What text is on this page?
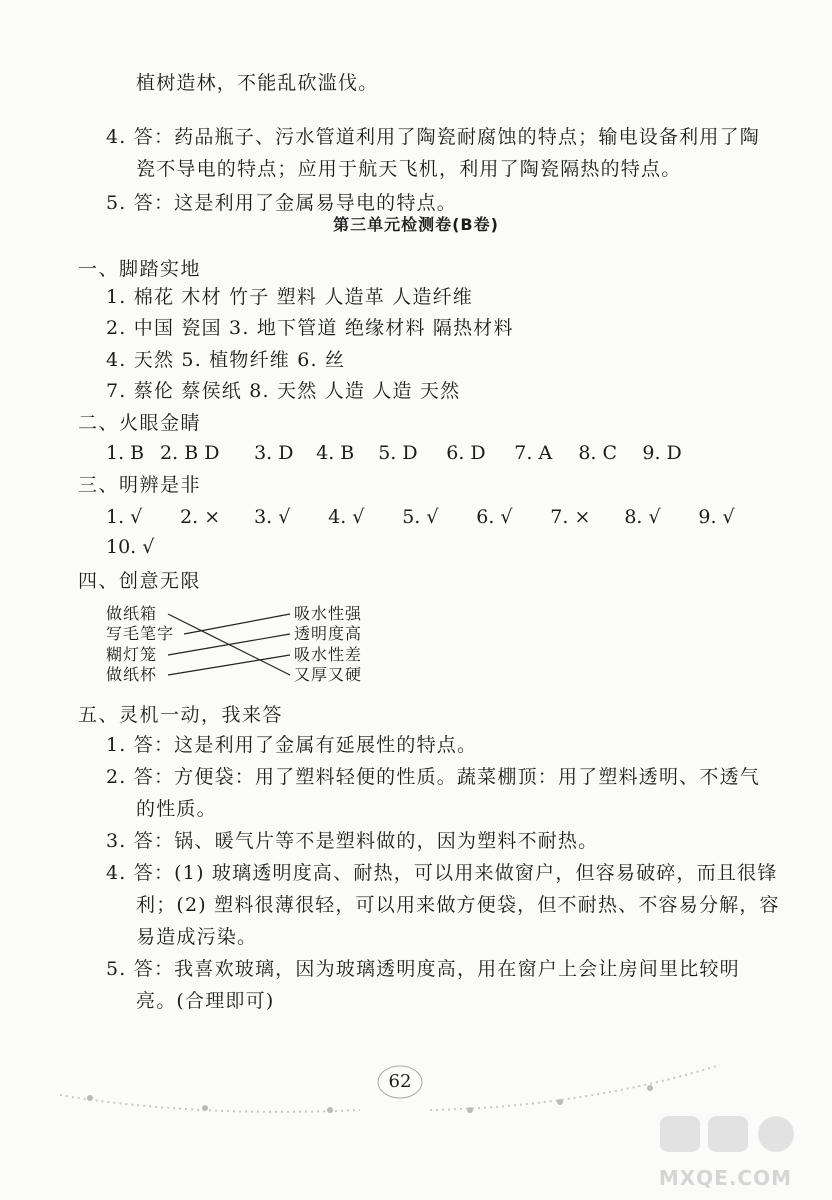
植树造林，不能乱砍滥伐。
4. 答：药品瓶子、污水管道利用了陶瓷耐腐蚀的特点；输电设备利用了陶
瓷不导电的特点；应用于航天飞机，利用了陶瓷隔热的特点。
5. 答：这是利用了金属易导电的特点。
第三单元检测卷(B卷)
一、脚踏实地
1. 棉花 木材 竹子 塑料 人造革 人造纤维
2. 中国 瓷国 3. 地下管道 绝缘材料 隔热材料
4. 天然 5. 植物纤维 6. 丝
7. 蔡伦 蔡侯纸 8. 天然 人造 人造 天然
二、火眼金睛
1. B 2. B D 3. D 4. B 5. D 6. D 7. A 8. C 9. D
三、明辨是非
1. √ 2. × 3. √ 4. √ 5. √ 6. √ 7. × 8. √ 9. √
10. √
四、创意无限
做纸箱
写毛笔字
糊灯笼
做纸杯
吸水性强
透明度高
吸水性差
又厚又硬
五、灵机一动，我来答
1. 答：这是利用了金属有延展性的特点。
2. 答：方便袋：用了塑料轻便的性质。蔬菜棚顶：用了塑料透明、不透气
的性质。
3. 答：锅、暖气片等不是塑料做的，因为塑料不耐热。
4. 答：(1) 玻璃透明度高、耐热，可以用来做窗户，但容易破碎，而且很锋
利；(2) 塑料很薄很轻，可以用来做方便袋，但不耐热、不容易分解，容
易造成污染。
5. 答：我喜欢玻璃，因为玻璃透明度高，用在窗户上会让房间里比较明
亮。(合理即可)
62
MXQE.COM
